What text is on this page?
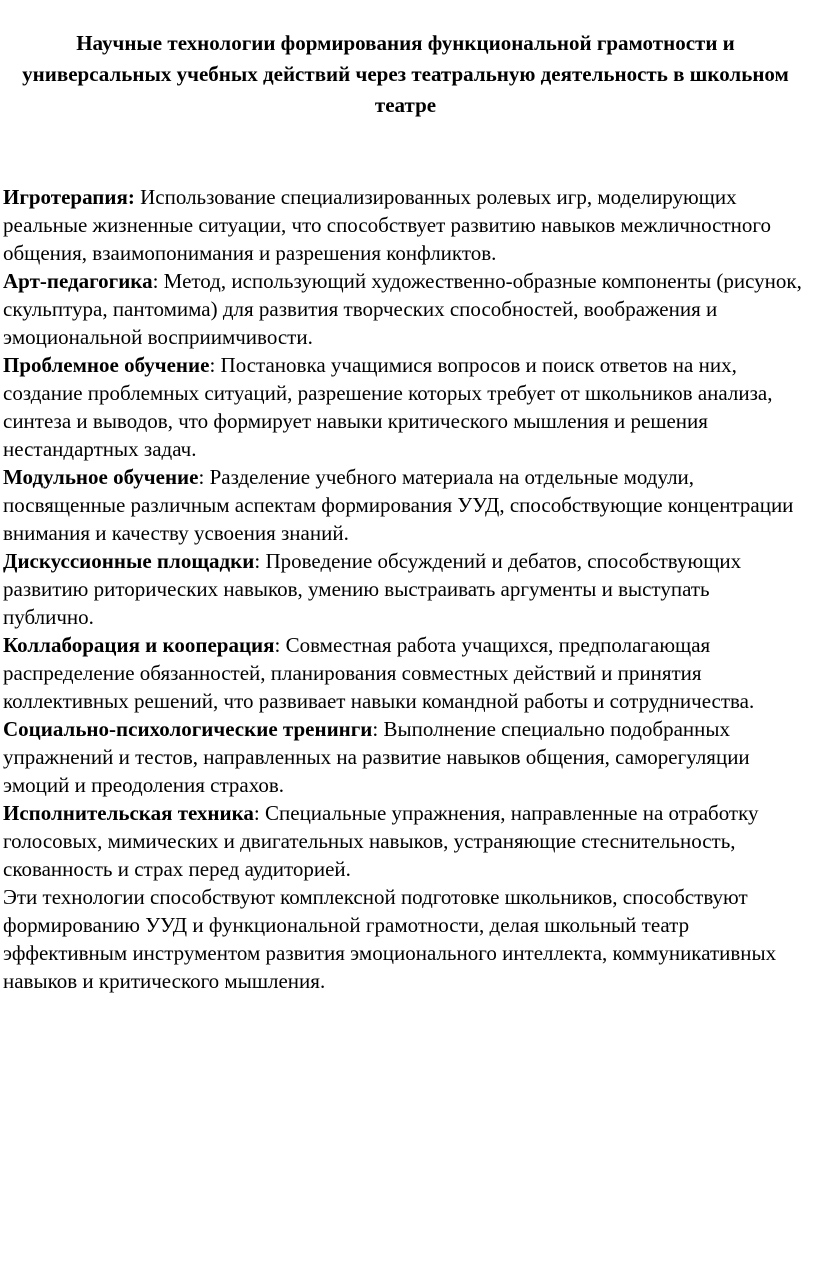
Научные технологии формирования функциональной грамотности и универсальных учебных действий через театральную деятельность в школьном театре

Игротерапия: Использование специализированных ролевых игр, моделирующих реальные жизненные ситуации, что способствует развитию навыков межличностного общения, взаимопонимания и разрешения конфликтов.

Арт-педагогика: Метод, использующий художественно-образные компоненты (рисунок, скульптура, пантомима) для развития творческих способностей, воображения и эмоциональной восприимчивости.

Проблемное обучение: Постановка учащимися вопросов и поиск ответов на них, создание проблемных ситуаций, разрешение которых требует от школьников анализа, синтеза и выводов, что формирует навыки критического мышления и решения нестандартных задач.

Модульное обучение: Разделение учебного материала на отдельные модули, посвященные различным аспектам формирования УУД, способствующие концентрации внимания и качеству усвоения знаний.

Дискуссионные площадки: Проведение обсуждений и дебатов, способствующих развитию риторических навыков, умению выстраивать аргументы и выступать публично.

Коллаборация и кооперация: Совместная работа учащихся, предполагающая распределение обязанностей, планирования совместных действий и принятия коллективных решений, что развивает навыки командной работы и сотрудничества.

Социально-психологические тренинги: Выполнение специально подобранных упражнений и тестов, направленных на развитие навыков общения, саморегуляции эмоций и преодоления страхов.

Исполнительская техника: Специальные упражнения, направленные на отработку голосовых, мимических и двигательных навыков, устраняющие стеснительность, скованность и страх перед аудиторией.

Эти технологии способствуют комплексной подготовке школьников, способствуют формированию УУД и функциональной грамотности, делая школьный театр эффективным инструментом развития эмоционального интеллекта, коммуникативных навыков и критического мышления.
